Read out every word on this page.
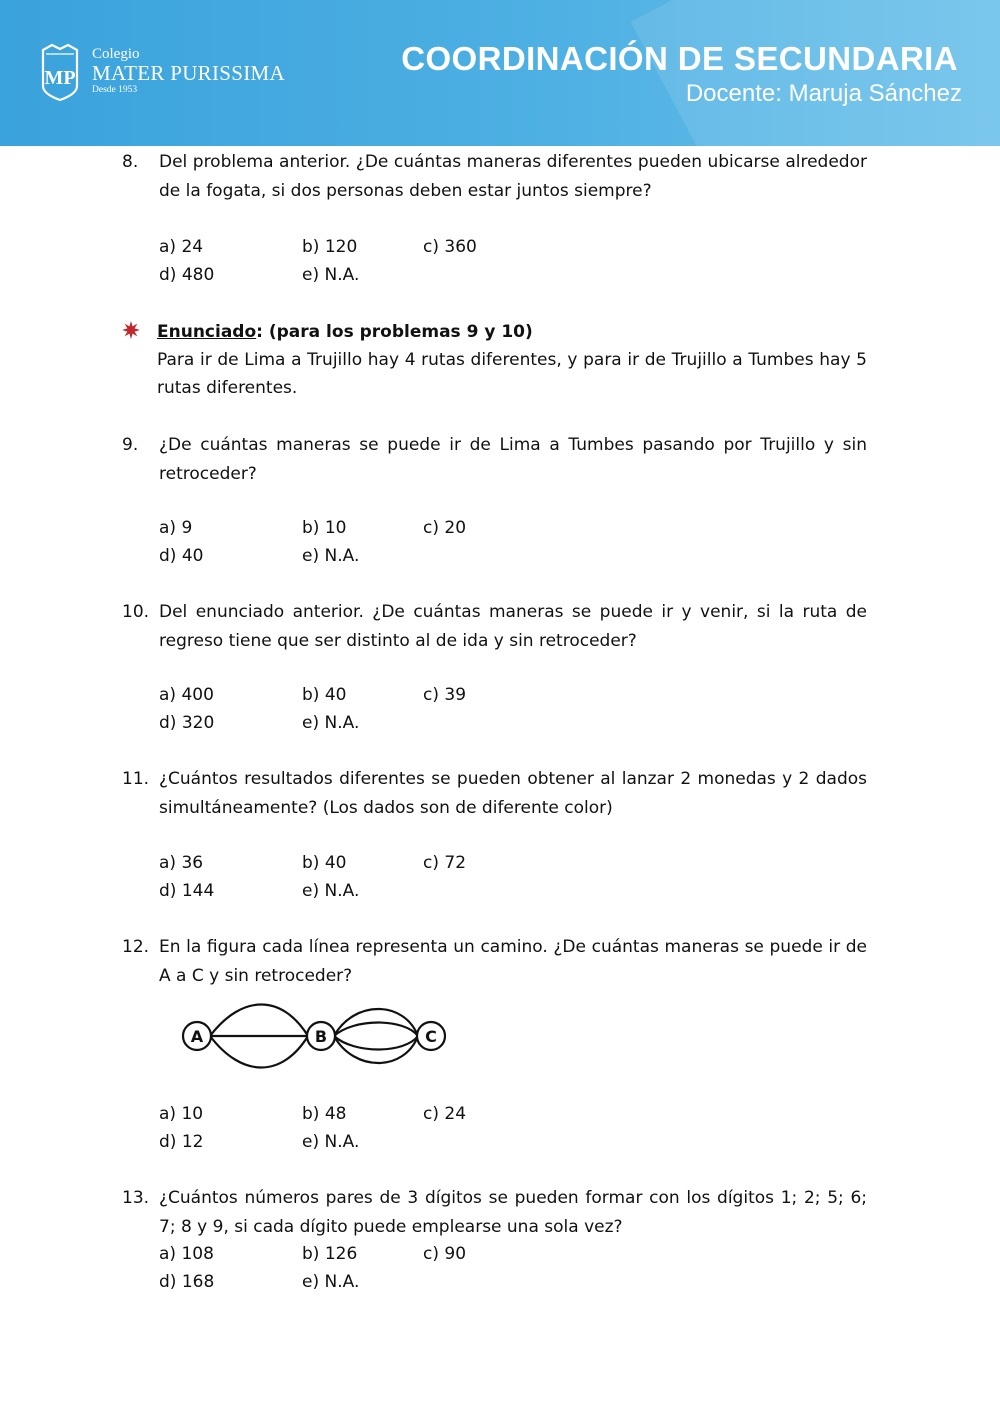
MP
Colegio
MATER PURISSIMA
Desde 1953
COORDINACIÓN DE SECUNDARIA
Docente: Maruja Sánchez
8. Del problema anterior. ¿De cuántas maneras diferentes pueden ubicarse alrededor de la fogata, si dos personas deben estar juntos siempre?
a) 24	b) 120	c) 360
d) 480	e) N.A.
Enunciado: (para los problemas 9 y 10)
Para ir de Lima a Trujillo hay 4 rutas diferentes, y para ir de Trujillo a Tumbes hay 5 rutas diferentes.
9. ¿De cuántas maneras se puede ir de Lima a Tumbes pasando por Trujillo y sin retroceder?
a) 9	b) 10	c) 20
d) 40	e) N.A.
10. Del enunciado anterior. ¿De cuántas maneras se puede ir y venir, si la ruta de regreso tiene que ser distinto al de ida y sin retroceder?
a) 400	b) 40	c) 39
d) 320	e) N.A.
11. ¿Cuántos resultados diferentes se pueden obtener al lanzar 2 monedas y 2 dados simultáneamente? (Los dados son de diferente color)
a) 36	b) 40	c) 72
d) 144	e) N.A.
12. En la figura cada línea representa un camino. ¿De cuántas maneras se puede ir de A a C y sin retroceder?
A	B	C
a) 10	b) 48	c) 24
d) 12	e) N.A.
13. ¿Cuántos números pares de 3 dígitos se pueden formar con los dígitos 1; 2; 5; 6; 7; 8 y 9, si cada dígito puede emplearse una sola vez?
a) 108	b) 126	c) 90
d) 168	e) N.A.
